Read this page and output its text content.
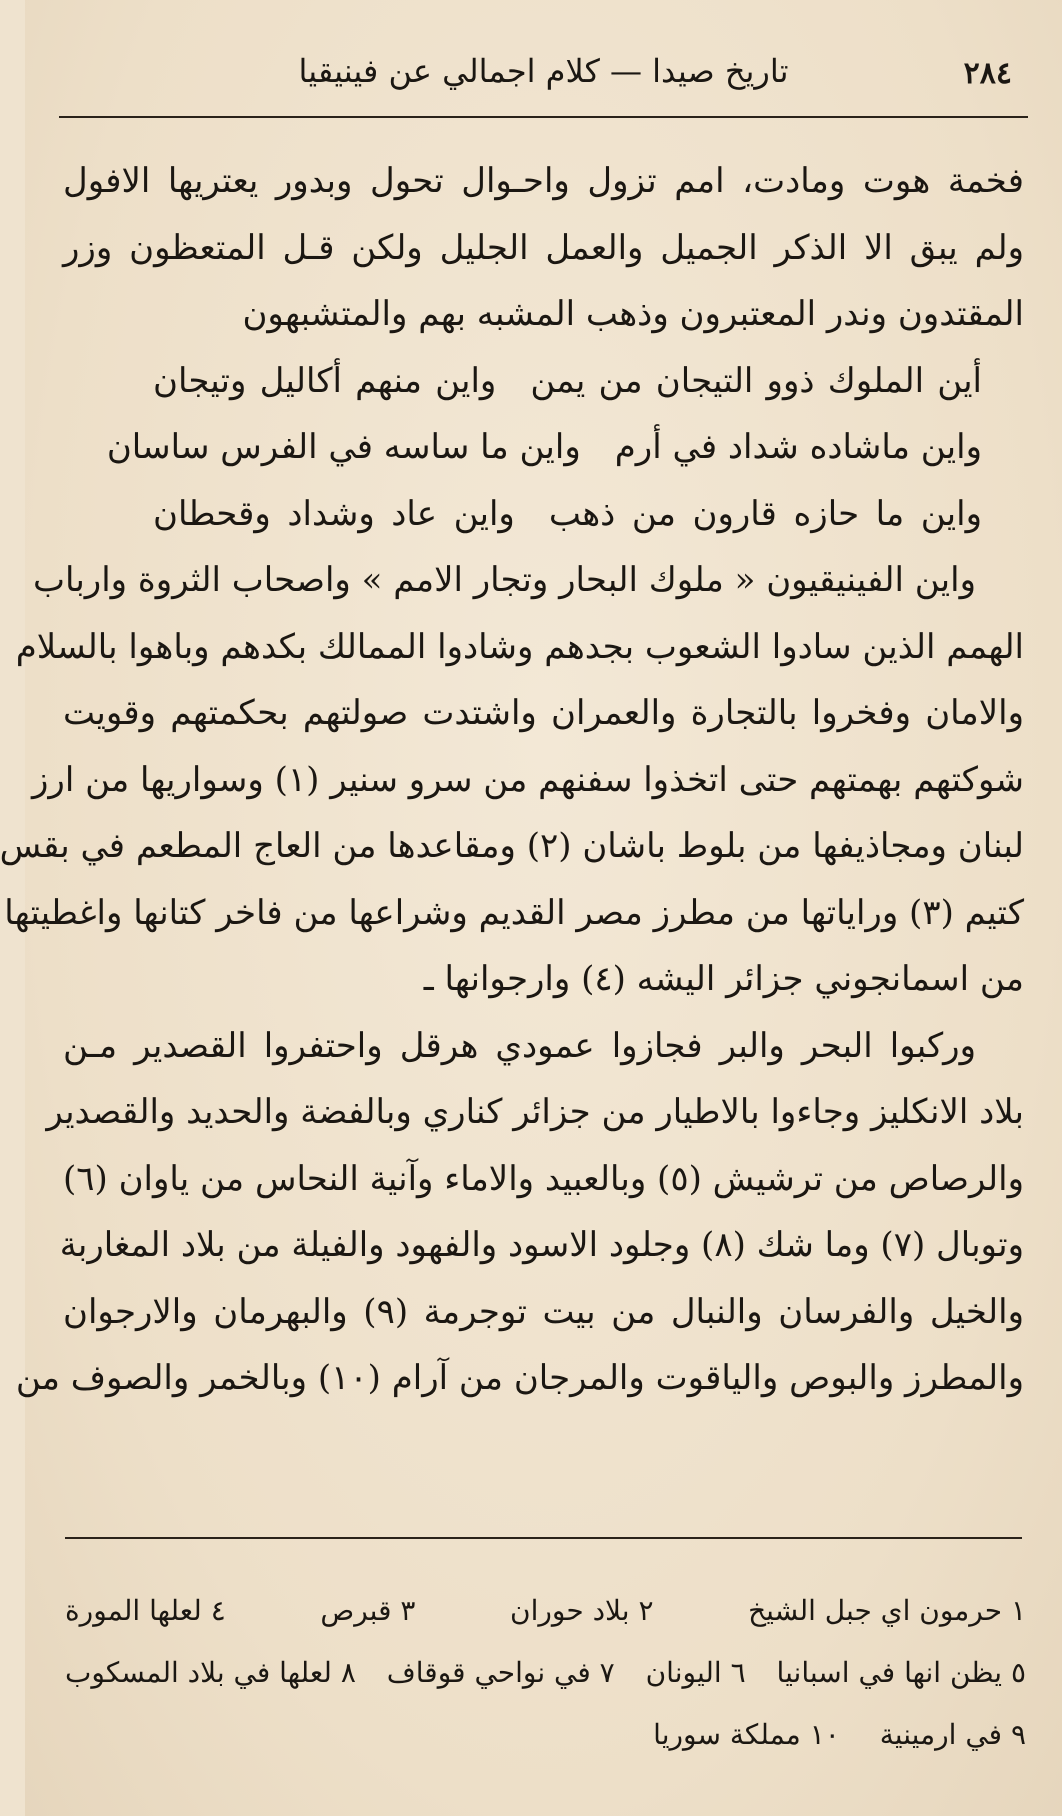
٢٨٤
تاريخ صيدا — كلام اجمالي عن فينيقيا
فخمة هوت ومادت، امم تزول واحـوال تحول وبدور يعتريها الافول
ولم يبق الا الذكر الجميل والعمل الجليل ولكن قـل المتعظون وزر
المقتدون وندر المعتبرون وذهب المشبه بهم والمتشبهون
أين الملوك ذوو التيجان من يمنواين منهم أكاليل وتيجان
واين ماشاده شداد في أرمواين ما ساسه في الفرس ساسان
واين ما حازه قارون من ذهبواين عاد وشداد وقحطان
واين الفينيقيون « ملوك البحار وتجار الامم » واصحاب الثروة وارباب
الهمم الذين سادوا الشعوب بجدهم وشادوا الممالك بكدهم وباهوا بالسلام
والامان وفخروا بالتجارة والعمران واشتدت صولتهم بحكمتهم وقويت
شوكتهم بهمتهم حتى اتخذوا سفنهم من سرو سنير (١) وسواريها من ارز
لبنان ومجاذيفها من بلوط باشان (٢) ومقاعدها من العاج المطعم في بقس
كتيم (٣) وراياتها من مطرز مصر القديم وشراعها من فاخر كتانها واغطيتها
من اسمانجوني جزائر اليشه (٤) وارجوانها ـ
وركبوا البحر والبر فجازوا عمودي هرقل واحتفروا القصدير مـن
بلاد الانكليز وجاءوا بالاطيار من جزائر كناري وبالفضة والحديد والقصدير
والرصاص من ترشيش (٥) وبالعبيد والاماء وآنية النحاس من ياوان (٦)
وتوبال (٧) وما شك (٨) وجلود الاسود والفهود والفيلة من بلاد المغاربة
والخيل والفرسان والنبال من بيت توجرمة (٩) والبهرمان والارجوان
والمطرز والبوص والياقوت والمرجان من آرام (١٠) وبالخمر والصوف من
١ حرمون اي جبل الشيخ
٢ بلاد حوران
٣ قبرص
٤ لعلها المورة
٥ يظن انها في اسبانيا
٦ اليونان
٧ في نواحي قوقاف
٨ لعلها في بلاد المسكوب
٩ في ارمينية
١٠ مملكة سوريا
